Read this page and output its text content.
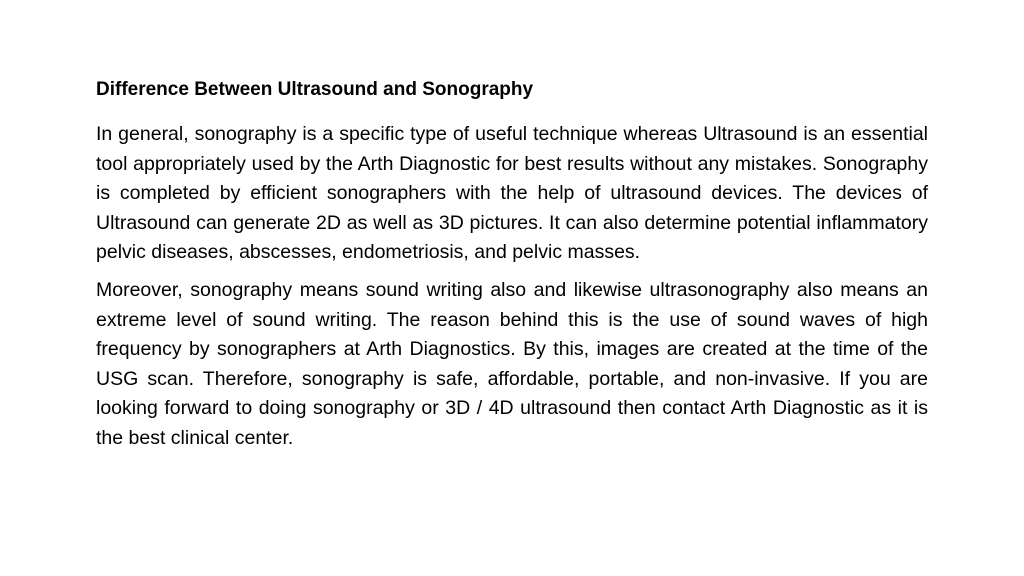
Difference Between Ultrasound and Sonography

In general, sonography is a specific type of useful technique whereas Ultrasound is an essential tool appropriately used by the Arth Diagnostic for best results without any mistakes. Sonography is completed by efficient sonographers with the help of ultrasound devices. The devices of Ultrasound can generate 2D as well as 3D pictures. It can also determine potential inflammatory pelvic diseases, abscesses, endometriosis, and pelvic masses.

Moreover, sonography means sound writing also and likewise ultrasonography also means an extreme level of sound writing. The reason behind this is the use of sound waves of high frequency by sonographers at Arth Diagnostics. By this, images are created at the time of the USG scan. Therefore, sonography is safe, affordable, portable, and non-invasive. If you are looking forward to doing sonography or 3D / 4D ultrasound then contact Arth Diagnostic as it is the best clinical center.
